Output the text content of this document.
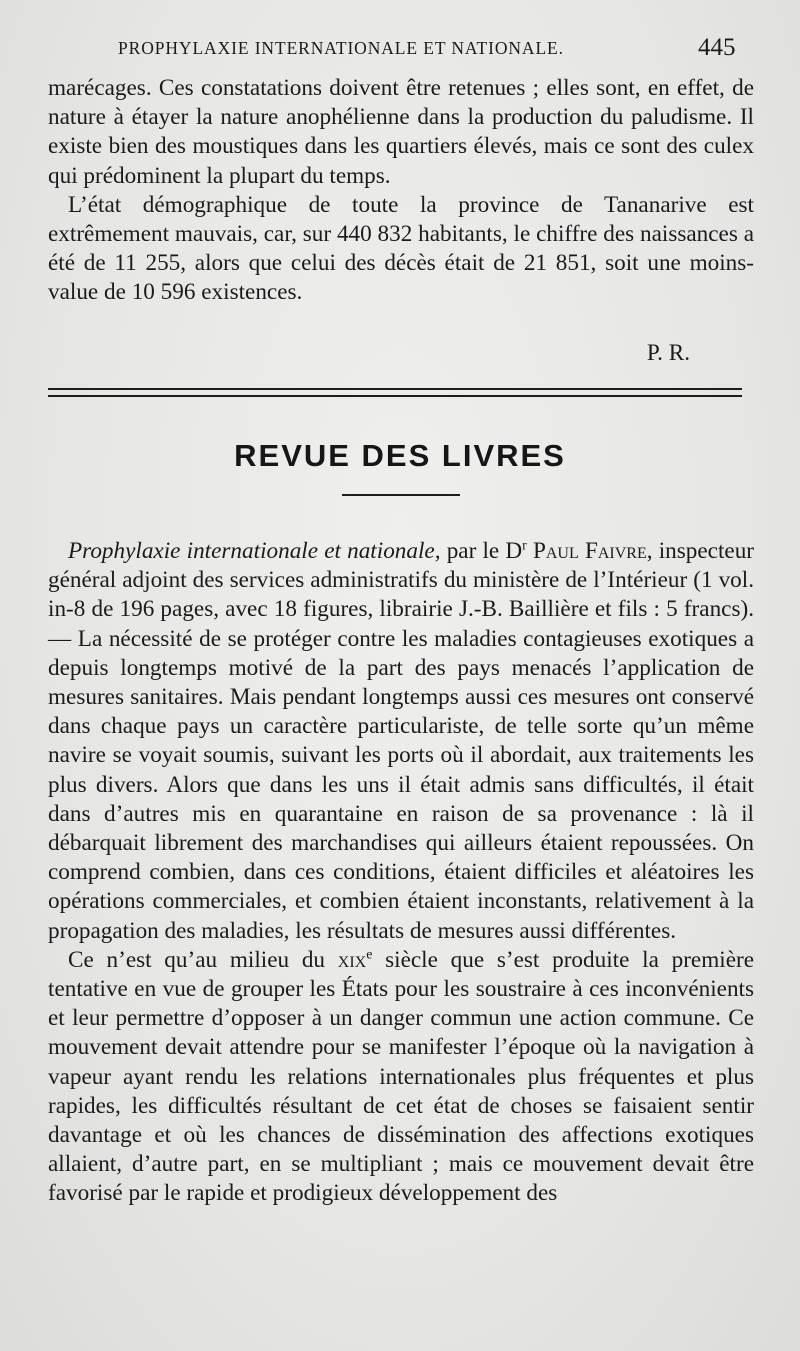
PROPHYLAXIE INTERNATIONALE ET NATIONALE.	445

marécages. Ces constatations doivent être retenues ; elles sont, en effet, de nature à étayer la nature anophélienne dans la production du paludisme. Il existe bien des moustiques dans les quartiers élevés, mais ce sont des culex qui prédominent la plupart du temps.

L’état démographique de toute la province de Tananarive est extrêmement mauvais, car, sur 440 832 habitants, le chiffre des naissances a été de 11 255, alors que celui des décès était de 21 851, soit une moins-value de 10 596 existences.

P. R.
REVUE DES LIVRES

Prophylaxie internationale et nationale, par le $D^r$ Paul Faivre, inspecteur général adjoint des services administratifs du ministère de l’Intérieur (1 vol. in-8 de 196 pages, avec 18 figures, librairie J.-B. Baillière et fils : 5 francs). — La nécessité de se protéger contre les maladies contagieuses exotiques a depuis longtemps motivé de la part des pays menacés l’application de mesures sanitaires. Mais pendant longtemps aussi ces mesures ont conservé dans chaque pays un caractère particulariste, de telle sorte qu’un même navire se voyait soumis, suivant les ports où il abordait, aux traitements les plus divers. Alors que dans les uns il était admis sans difficultés, il était dans d’autres mis en quarantaine en raison de sa provenance : là il débarquait librement des marchandises qui ailleurs étaient repoussées. On comprend combien, dans ces conditions, étaient difficiles et aléatoires les opérations commerciales, et combien étaient inconstants, relativement à la propagation des maladies, les résultats de mesures aussi différentes.

Ce n’est qu’au milieu du xix$^e$ siècle que s’est produite la première tentative en vue de grouper les États pour les soustraire à ces inconvénients et leur permettre d’opposer à un danger commun une action commune. Ce mouvement devait attendre pour se manifester l’époque où la navigation à vapeur ayant rendu les relations internationales plus fréquentes et plus rapides, les difficultés résultant de cet état de choses se faisaient sentir davantage et où les chances de dissémination des affections exotiques allaient, d’autre part, en se multipliant ; mais ce mouvement devait être favorisé par le rapide et prodigieux développement des
